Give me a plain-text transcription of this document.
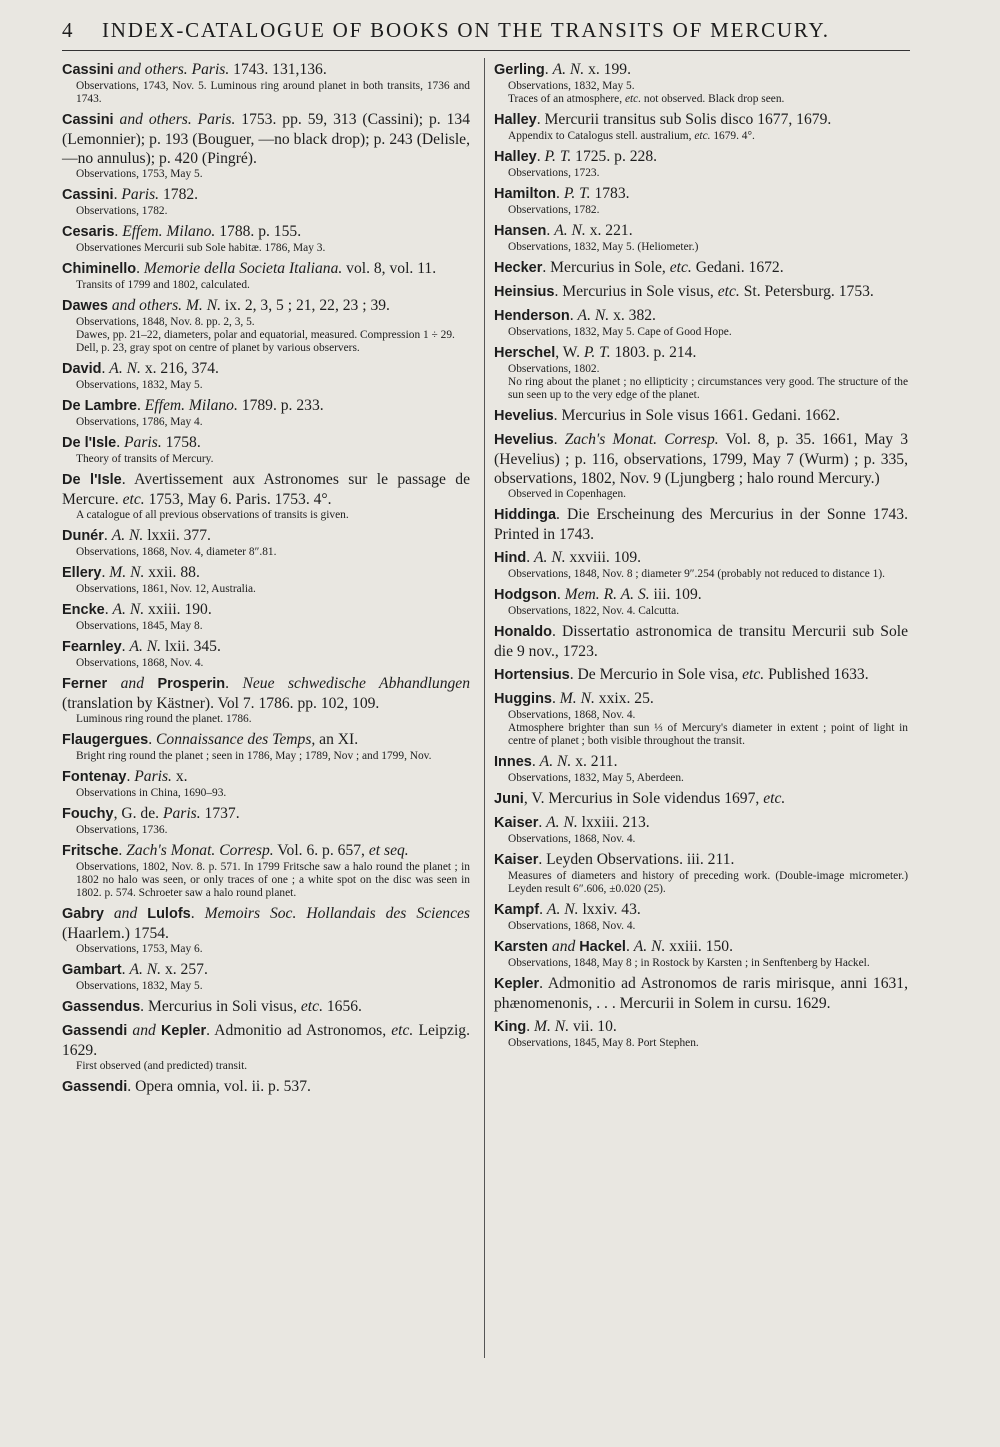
4 INDEX-CATALOGUE OF BOOKS ON THE TRANSITS OF MERCURY.
Cassini and others. Paris. 1743. 131,136.
Observations, 1743, Nov. 5. Luminous ring around planet in both transits, 1736 and 1743.
Cassini and others. Paris. 1753. pp. 59, 313 (Cassini); p. 134 (Lemonnier); p. 193 (Bouguer, —no black drop); p. 243 (Delisle, —no annulus); p. 420 (Pingré).
Observations, 1753, May 5.
Cassini. Paris. 1782.
Observations, 1782.
Cesaris. Effem. Milano. 1788. p. 155.
Observationes Mercurii sub Sole habitæ. 1786, May 3.
Chiminello. Memorie della Societa Italiana. vol. 8, vol. 11.
Transits of 1799 and 1802, calculated.
Dawes and others. M. N. ix. 2, 3, 5 ; 21, 22, 23 ; 39.
Observations, 1848, Nov. 8. pp. 2, 3, 5.
Dawes, pp. 21–22, diameters, polar and equatorial, measured. Compression 1 ÷ 29.
Dell, p. 23, gray spot on centre of planet by various observers.
David. A. N. x. 216, 374.
Observations, 1832, May 5.
De Lambre. Effem. Milano. 1789. p. 233.
Observations, 1786, May 4.
De l'Isle. Paris. 1758.
Theory of transits of Mercury.
De l'Isle. Avertissement aux Astronomes sur le passage de Mercure. etc. 1753, May 6. Paris. 1753. 4°.
A catalogue of all previous observations of transits is given.
Dunér. A. N. lxxii. 377.
Observations, 1868, Nov. 4, diameter 8″.81.
Ellery. M. N. xxii. 88.
Observations, 1861, Nov. 12, Australia.
Encke. A. N. xxiii. 190.
Observations, 1845, May 8.
Fearnley. A. N. lxii. 345.
Observations, 1868, Nov. 4.
Ferner and Prosperin. Neue schwedische Abhandlungen (translation by Kästner). Vol 7. 1786. pp. 102, 109.
Luminous ring round the planet. 1786.
Flaugergues. Connaissance des Temps, an XI.
Bright ring round the planet ; seen in 1786, May ; 1789, Nov ; and 1799, Nov.
Fontenay. Paris. x.
Observations in China, 1690–93.
Fouchy, G. de. Paris. 1737.
Observations, 1736.
Fritsche. Zach's Monat. Corresp. Vol. 6. p. 657, et seq.
Observations, 1802, Nov. 8. p. 571. In 1799 Fritsche saw a halo round the planet ; in 1802 no halo was seen, or only traces of one ; a white spot on the disc was seen in 1802. p. 574. Schroeter saw a halo round planet.
Gabry and Lulofs. Memoirs Soc. Hollandais des Sciences (Haarlem.) 1754.
Observations, 1753, May 6.
Gambart. A. N. x. 257.
Observations, 1832, May 5.
Gassendus. Mercurius in Soli visus, etc. 1656.
Gassendi and Kepler. Admonitio ad Astronomos, etc. Leipzig. 1629.
First observed (and predicted) transit.
Gassendi. Opera omnia, vol. ii. p. 537.
Gerling. A. N. x. 199.
Observations, 1832, May 5.
Traces of an atmosphere, etc. not observed. Black drop seen.
Halley. Mercurii transitus sub Solis disco 1677, 1679.
Appendix to Catalogus stell. australium, etc. 1679. 4°.
Halley. P. T. 1725. p. 228.
Observations, 1723.
Hamilton. P. T. 1783.
Observations, 1782.
Hansen. A. N. x. 221.
Observations, 1832, May 5. (Heliometer.)
Hecker. Mercurius in Sole, etc. Gedani. 1672.
Heinsius. Mercurius in Sole visus, etc. St. Petersburg. 1753.
Henderson. A. N. x. 382.
Observations, 1832, May 5. Cape of Good Hope.
Herschel, W. P. T. 1803. p. 214.
Observations, 1802.
No ring about the planet ; no ellipticity ; circumstances very good. The structure of the sun seen up to the very edge of the planet.
Hevelius. Mercurius in Sole visus 1661. Gedani. 1662.
Hevelius. Zach's Monat. Corresp. Vol. 8, p. 35. 1661, May 3 (Hevelius) ; p. 116, observations, 1799, May 7 (Wurm) ; p. 335, observations, 1802, Nov. 9 (Ljungberg ; halo round Mercury.)
Observed in Copenhagen.
Hiddinga. Die Erscheinung des Mercurius in der Sonne 1743. Printed in 1743.
Hind. A. N. xxviii. 109.
Observations, 1848, Nov. 8 ; diameter 9″.254 (probably not reduced to distance 1).
Hodgson. Mem. R. A. S. iii. 109.
Observations, 1822, Nov. 4. Calcutta.
Honaldo. Dissertatio astronomica de transitu Mercurii sub Sole die 9 nov., 1723.
Hortensius. De Mercurio in Sole visa, etc. Published 1633.
Huggins. M. N. xxix. 25.
Observations, 1868, Nov. 4.
Atmosphere brighter than sun ⅓ of Mercury's diameter in extent ; point of light in centre of planet ; both visible throughout the transit.
Innes. A. N. x. 211.
Observations, 1832, May 5, Aberdeen.
Juni, V. Mercurius in Sole videndus 1697, etc.
Kaiser. A. N. lxxiii. 213.
Observations, 1868, Nov. 4.
Kaiser. Leyden Observations. iii. 211.
Measures of diameters and history of preceding work. (Double-image micrometer.) Leyden result 6″.606, ±0.020 (25).
Kampf. A. N. lxxiv. 43.
Observations, 1868, Nov. 4.
Karsten and Hackel. A. N. xxiii. 150.
Observations, 1848, May 8 ; in Rostock by Karsten ; in Senftenberg by Hackel.
Kepler. Admonitio ad Astronomos de raris mirisque, anni 1631, phænomenonis, . . . Mercurii in Solem in cursu. 1629.
King. M. N. vii. 10.
Observations, 1845, May 8. Port Stephen.
